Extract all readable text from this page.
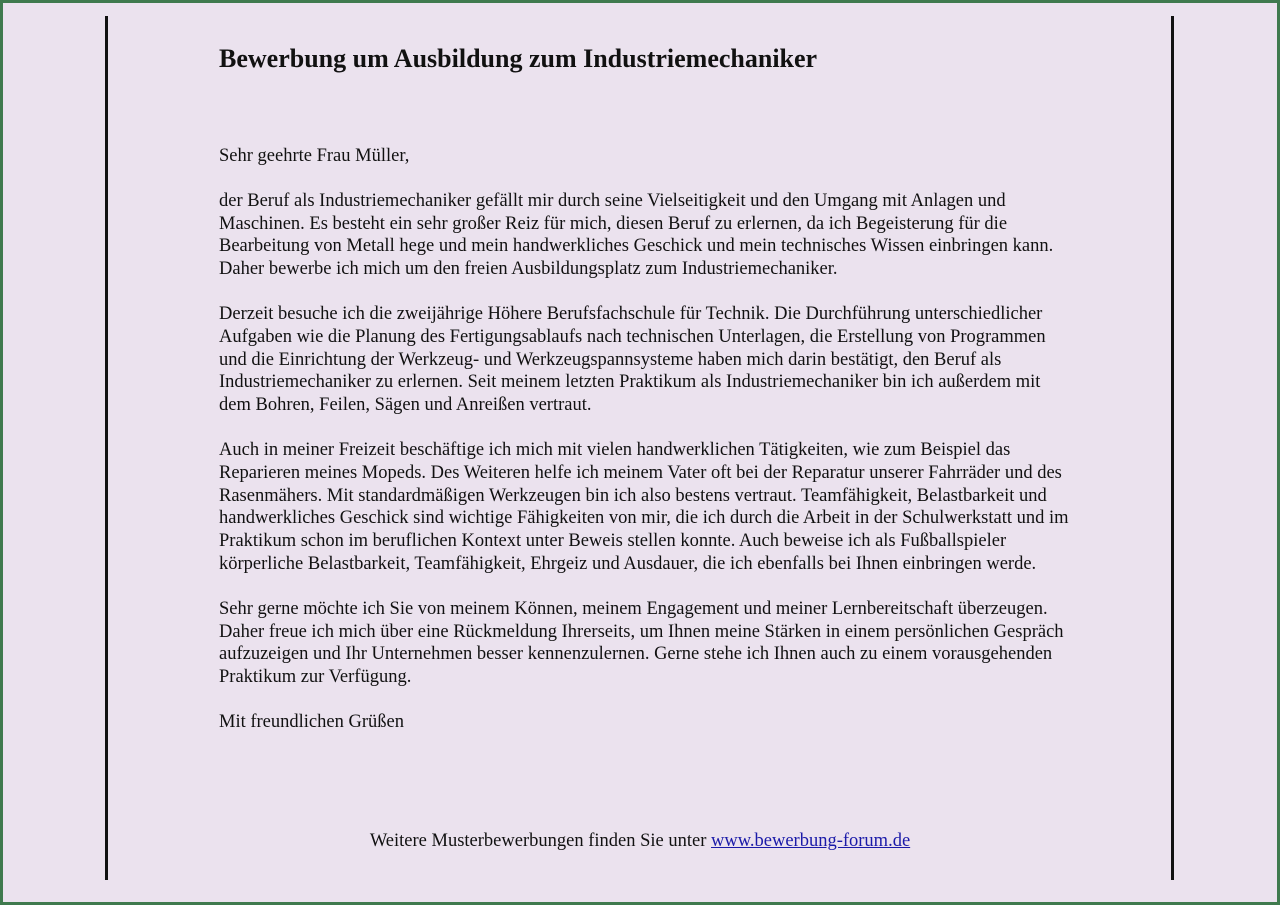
Bewerbung um Ausbildung zum Industriemechaniker

Sehr geehrte Frau Müller,

der Beruf als Industriemechaniker gefällt mir durch seine Vielseitigkeit und den Umgang mit Anlagen und Maschinen. Es besteht ein sehr großer Reiz für mich, diesen Beruf zu erlernen, da ich Begeisterung für die Bearbeitung von Metall hege und mein handwerkliches Geschick und mein technisches Wissen einbringen kann. Daher bewerbe ich mich um den freien Ausbildungsplatz zum Industriemechaniker.

Derzeit besuche ich die zweijährige Höhere Berufsfachschule für Technik. Die Durchführung unterschiedlicher Aufgaben wie die Planung des Fertigungsablaufs nach technischen Unterlagen, die Erstellung von Programmen und die Einrichtung der Werkzeug- und Werkzeugspannsysteme haben mich darin bestätigt, den Beruf als Industriemechaniker zu erlernen. Seit meinem letzten Praktikum als Industriemechaniker bin ich außerdem mit dem Bohren, Feilen, Sägen und Anreißen vertraut.

Auch in meiner Freizeit beschäftige ich mich mit vielen handwerklichen Tätigkeiten, wie zum Beispiel das Reparieren meines Mopeds. Des Weiteren helfe ich meinem Vater oft bei der Reparatur unserer Fahrräder und des Rasenmähers. Mit standardmäßigen Werkzeugen bin ich also bestens vertraut. Teamfähigkeit, Belastbarkeit und handwerkliches Geschick sind wichtige Fähigkeiten von mir, die ich durch die Arbeit in der Schulwerkstatt und im Praktikum schon im beruflichen Kontext unter Beweis stellen konnte. Auch beweise ich als Fußballspieler körperliche Belastbarkeit, Teamfähigkeit, Ehrgeiz und Ausdauer, die ich ebenfalls bei Ihnen einbringen werde.

Sehr gerne möchte ich Sie von meinem Können, meinem Engagement und meiner Lernbereitschaft überzeugen. Daher freue ich mich über eine Rückmeldung Ihrerseits, um Ihnen meine Stärken in einem persönlichen Gespräch aufzuzeigen und Ihr Unternehmen besser kennenzulernen. Gerne stehe ich Ihnen auch zu einem vorausgehenden Praktikum zur Verfügung.

Mit freundlichen Grüßen

Weitere Musterbewerbungen finden Sie unter www.bewerbung-forum.de
